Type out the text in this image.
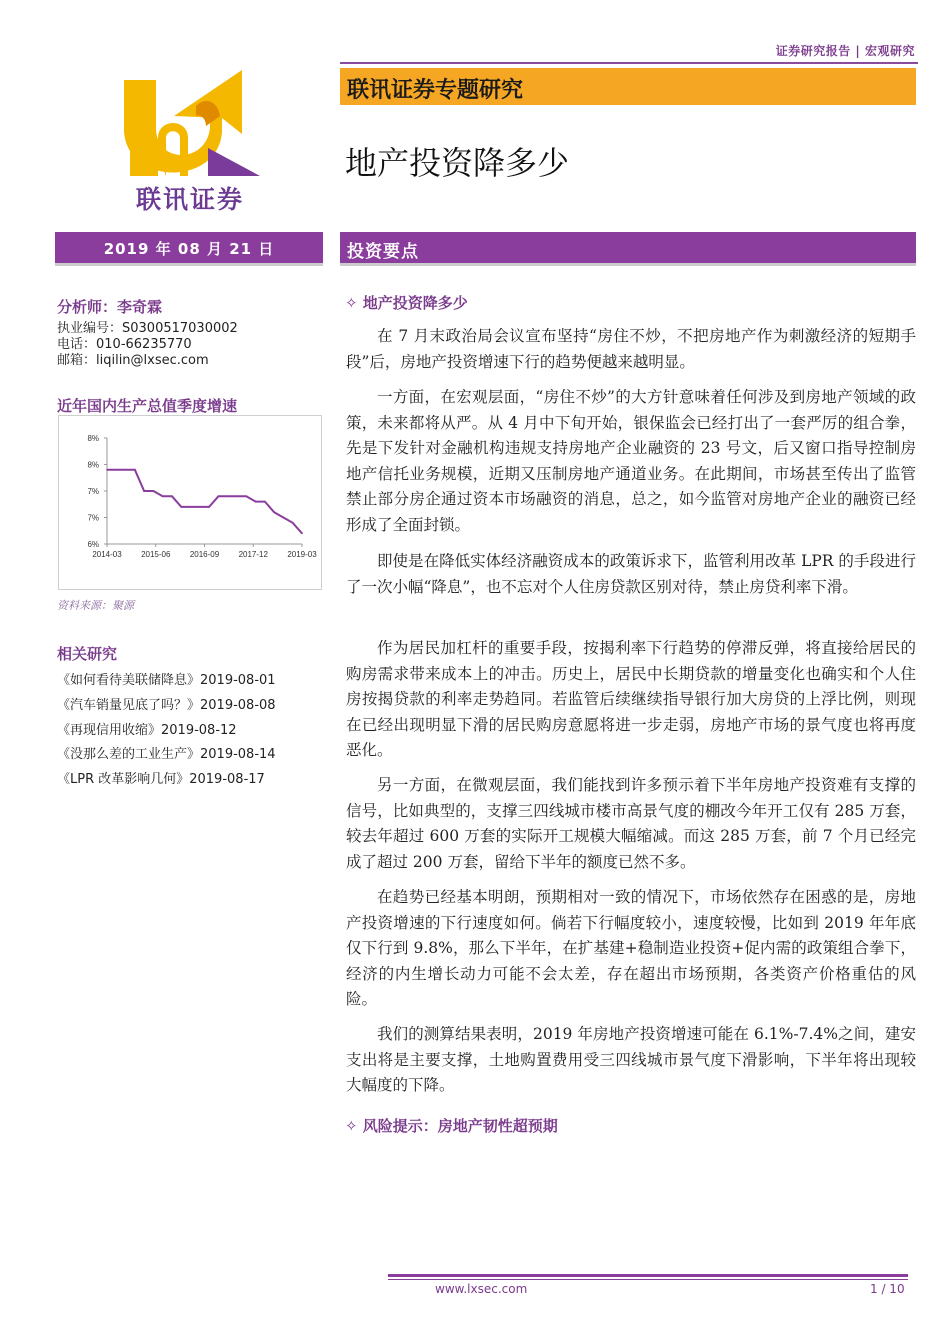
证券研究报告 | 宏观研究
联讯证券
联讯证券专题研究
地产投资降多少
2019 年 08 月 21 日	投资要点
分析师：李奇霖
执业编号：S0300517030002
电话：010-66235770
邮箱：liqilin@lxsec.com
近年国内生产总值季度增速
6%
7%
7%
8%
8%
2014-03 2015-06 2016-09 2017-12 2019-03
资料来源：聚源
相关研究
《如何看待美联储降息》2019-08-01
《汽车销量见底了吗？》2019-08-08
《再现信用收缩》2019-08-12
《没那么差的工业生产》2019-08-14
《LPR 改革影响几何》2019-08-17
✧ 地产投资降多少
在 7 月末政治局会议宣布坚持“房住不炒，不把房地产作为刺激经济的短期手段”后，房地产投资增速下行的趋势便越来越明显。
一方面，在宏观层面，“房住不炒”的大方针意味着任何涉及到房地产领域的政策，未来都将从严。从 4 月中下旬开始，银保监会已经打出了一套严厉的组合拳，先是下发针对金融机构违规支持房地产企业融资的 23 号文，后又窗口指导控制房地产信托业务规模，近期又压制房地产通道业务。在此期间，市场甚至传出了监管禁止部分房企通过资本市场融资的消息，总之，如今监管对房地产企业的融资已经形成了全面封锁。
即使是在降低实体经济融资成本的政策诉求下，监管利用改革 LPR 的手段进行了一次小幅“降息”，也不忘对个人住房贷款区别对待，禁止房贷利率下滑。
作为居民加杠杆的重要手段，按揭利率下行趋势的停滞反弹，将直接给居民的购房需求带来成本上的冲击。历史上，居民中长期贷款的增量变化也确实和个人住房按揭贷款的利率走势趋同。若监管后续继续指导银行加大房贷的上浮比例，则现在已经出现明显下滑的居民购房意愿将进一步走弱，房地产市场的景气度也将再度恶化。
另一方面，在微观层面，我们能找到许多预示着下半年房地产投资难有支撑的信号，比如典型的，支撑三四线城市楼市高景气度的棚改今年开工仅有 285 万套，较去年超过 600 万套的实际开工规模大幅缩减。而这 285 万套，前 7 个月已经完成了超过 200 万套，留给下半年的额度已然不多。
在趋势已经基本明朗，预期相对一致的情况下，市场依然存在困惑的是，房地产投资增速的下行速度如何。倘若下行幅度较小，速度较慢，比如到 2019 年年底仅下行到 9.8%，那么下半年，在扩基建+稳制造业投资+促内需的政策组合拳下，经济的内生增长动力可能不会太差，存在超出市场预期，各类资产价格重估的风险。
我们的测算结果表明，2019 年房地产投资增速可能在 6.1%-7.4%之间，建安支出将是主要支撑，土地购置费用受三四线城市景气度下滑影响，下半年将出现较大幅度的下降。
✧ 风险提示：房地产韧性超预期
www.lxsec.com	1 / 10
